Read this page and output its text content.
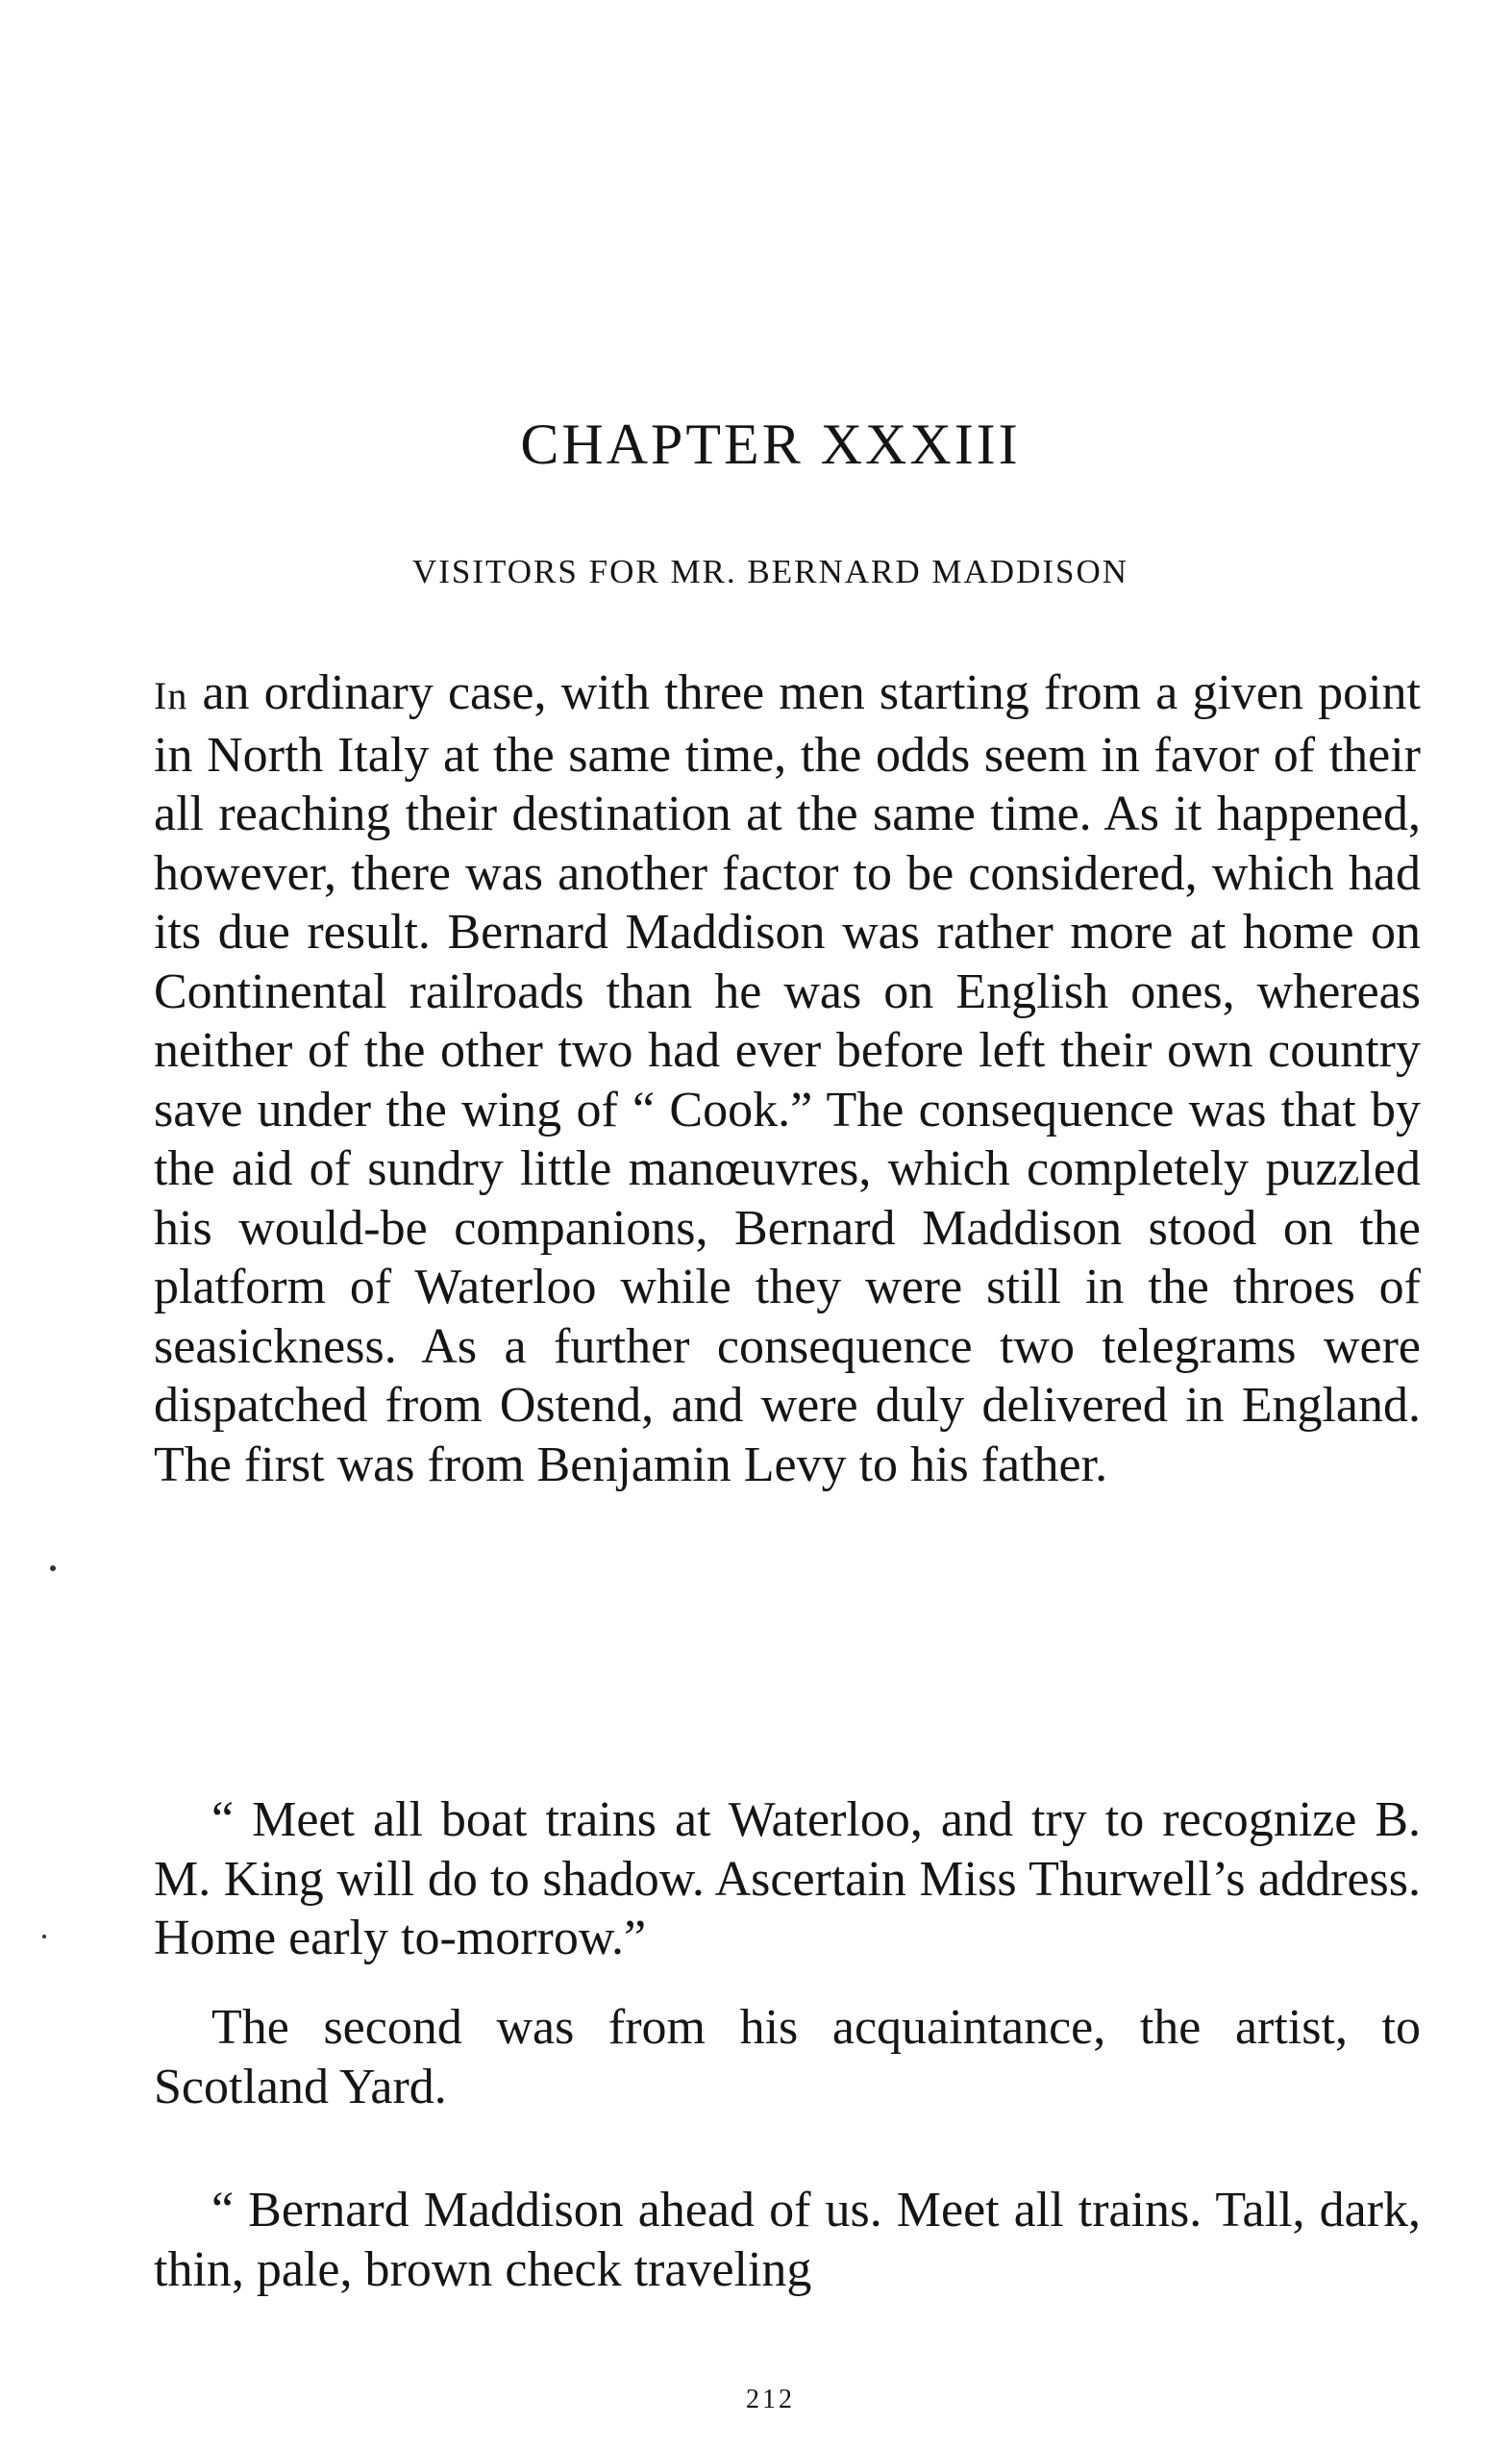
CHAPTER XXXIII
VISITORS FOR MR. BERNARD MADDISON

In an ordinary case, with three men starting from a given point in North Italy at the same time, the odds seem in favor of their all reaching their destination at the same time. As it happened, however, there was another factor to be considered, which had its due result. Bernard Maddison was rather more at home on Continental railroads than he was on English ones, whereas neither of the other two had ever before left their own country save under the wing of “ Cook.” The consequence was that by the aid of sundry little manœuvres, which completely puzzled his would-be companions, Bernard Maddison stood on the platform of Waterloo while they were still in the throes of seasickness. As a further consequence two telegrams were dispatched from Ostend, and were duly delivered in England. The first was from Benjamin Levy to his father.

“ Meet all boat trains at Waterloo, and try to recognize B. M. King will do to shadow. Ascertain Miss Thurwell’s address. Home early to-morrow.”

The second was from his acquaintance, the artist, to Scotland Yard.

“ Bernard Maddison ahead of us. Meet all trains. Tall, dark, thin, pale, brown check traveling

212
